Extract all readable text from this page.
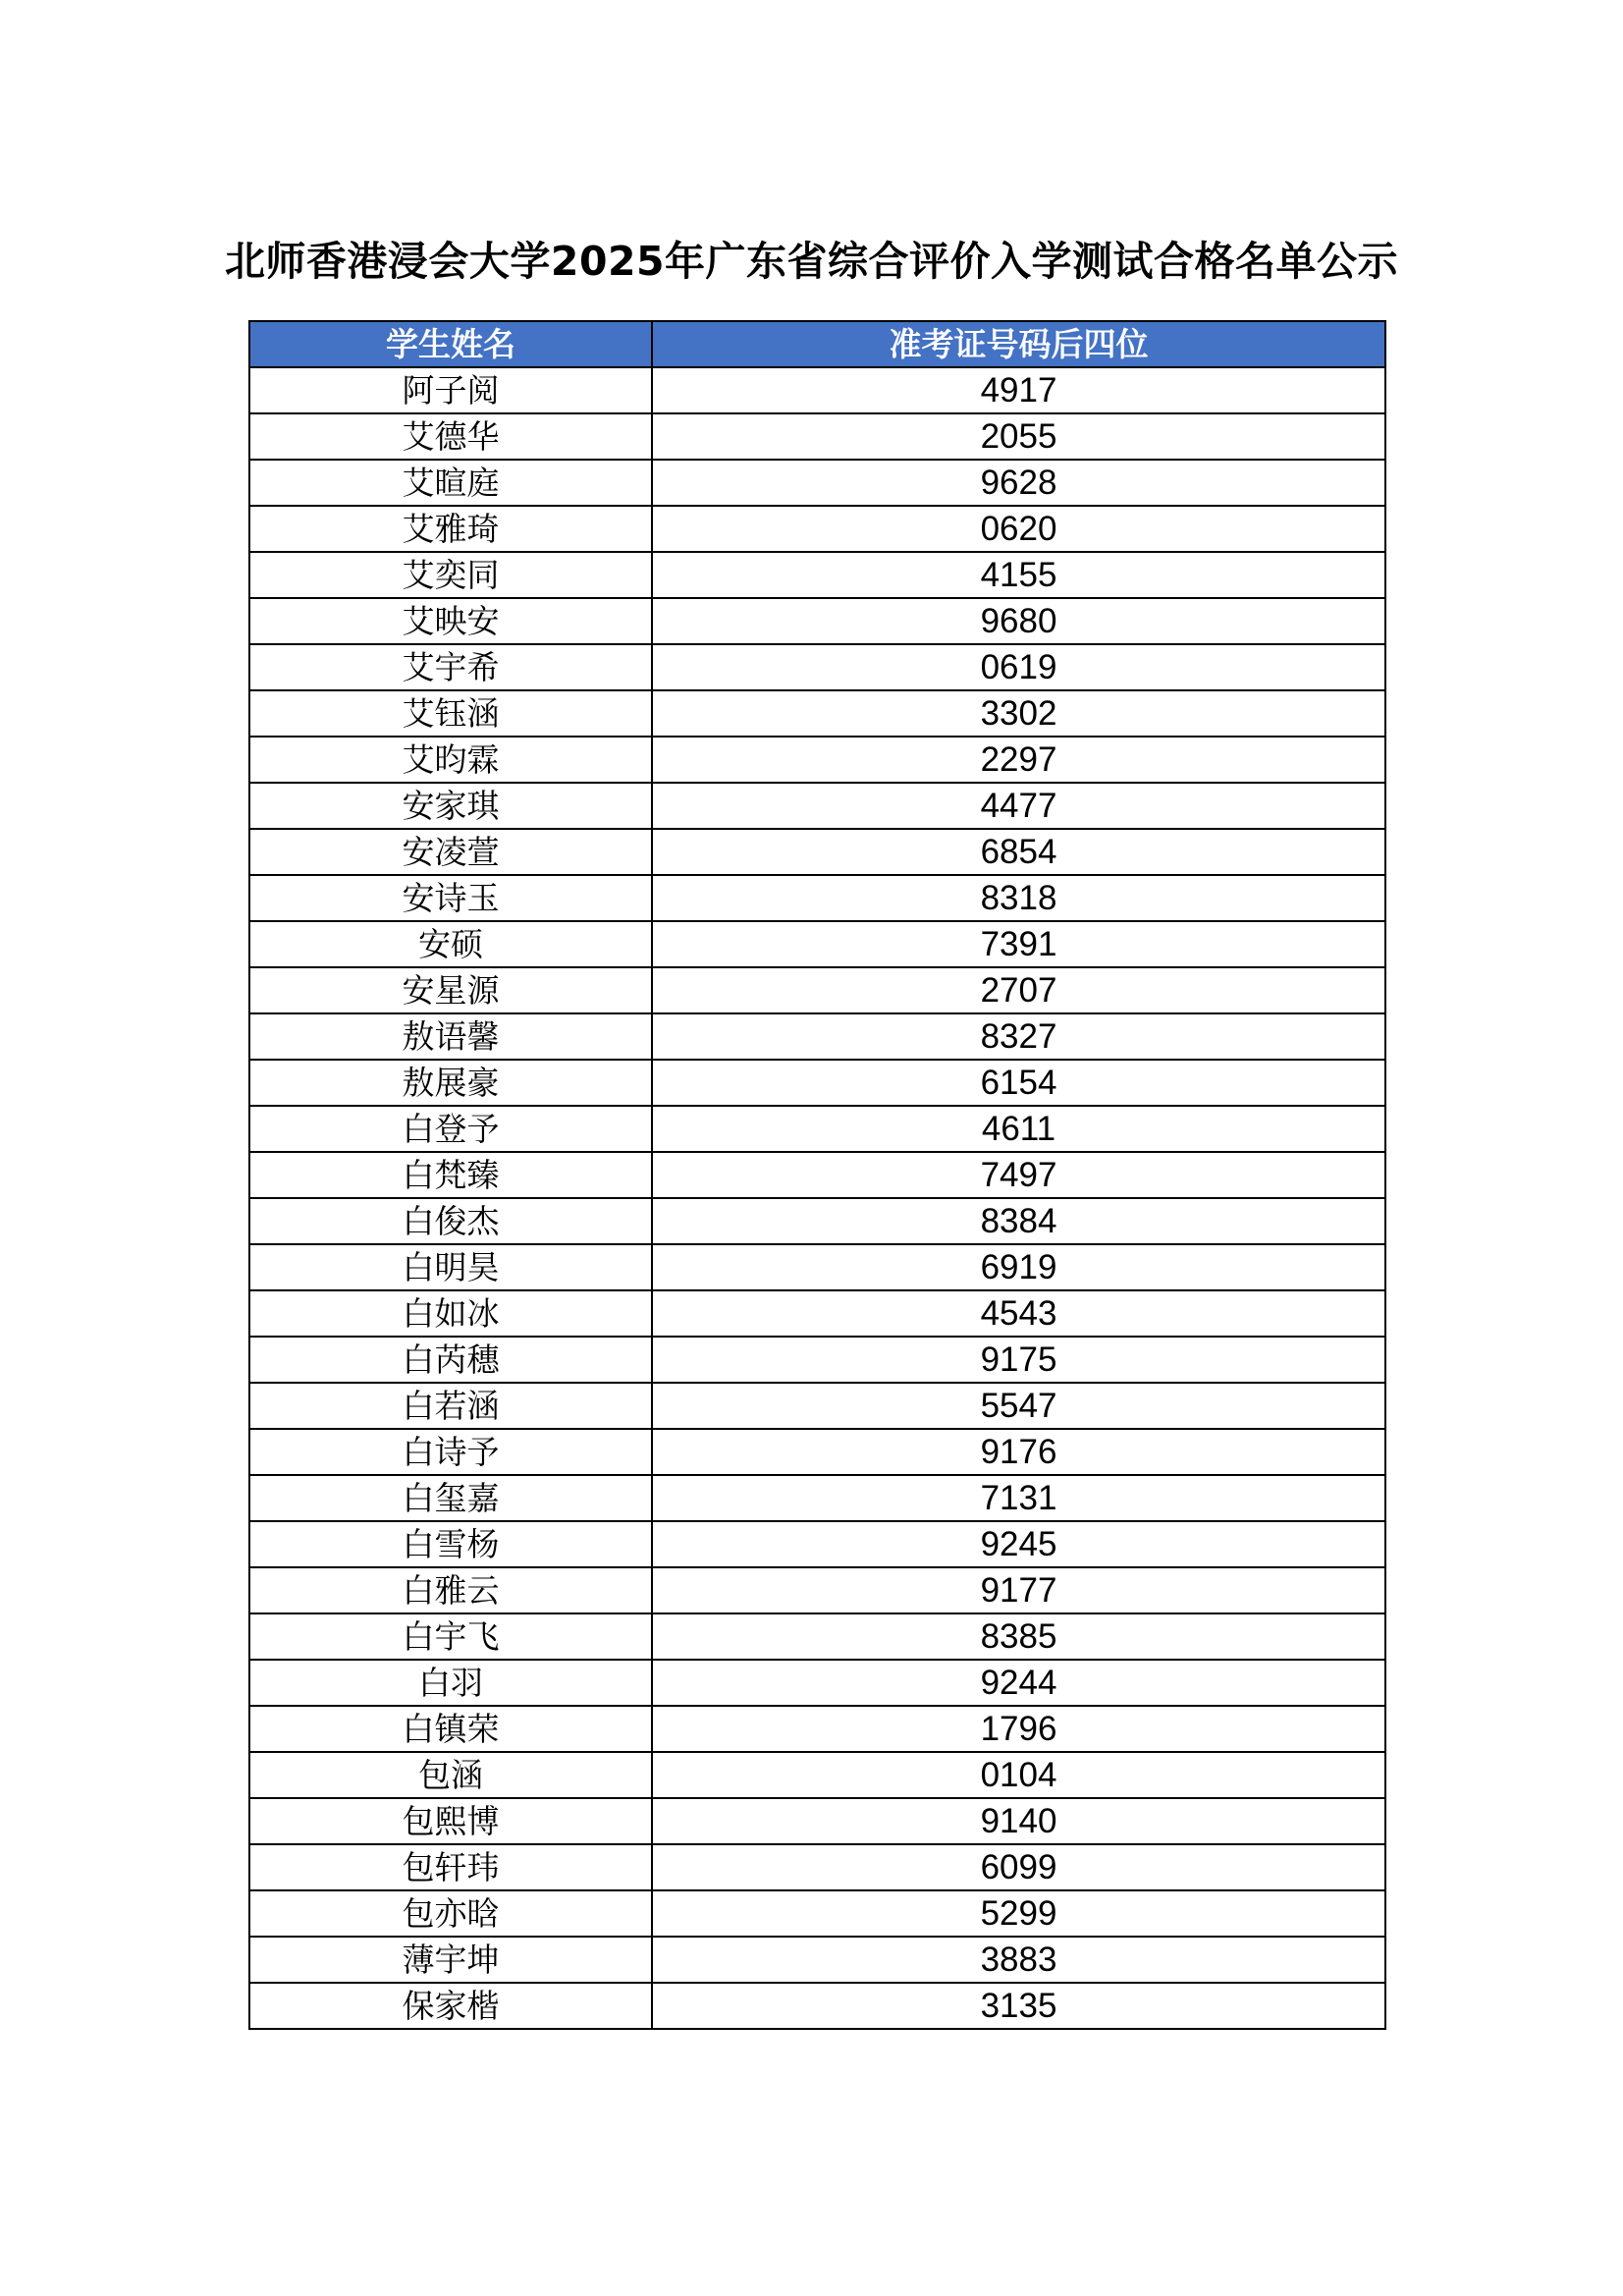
北师香港浸会大学2025年广东省综合评价入学测试合格名单公示
学生姓名	准考证号码后四位
阿子阅	4917
艾德华	2055
艾暄庭	9628
艾雅琦	0620
艾奕同	4155
艾映安	9680
艾宇希	0619
艾钰涵	3302
艾昀霖	2297
安家琪	4477
安凌萱	6854
安诗玉	8318
安硕	7391
安星源	2707
敖语馨	8327
敖展豪	6154
白登予	4611
白梵臻	7497
白俊杰	8384
白明昊	6919
白如冰	4543
白芮穗	9175
白若涵	5547
白诗予	9176
白玺嘉	7131
白雪杨	9245
白雅云	9177
白宇飞	8385
白羽	9244
白镇荣	1796
包涵	0104
包熙博	9140
包轩玮	6099
包亦晗	5299
薄宇坤	3883
保家楷	3135
